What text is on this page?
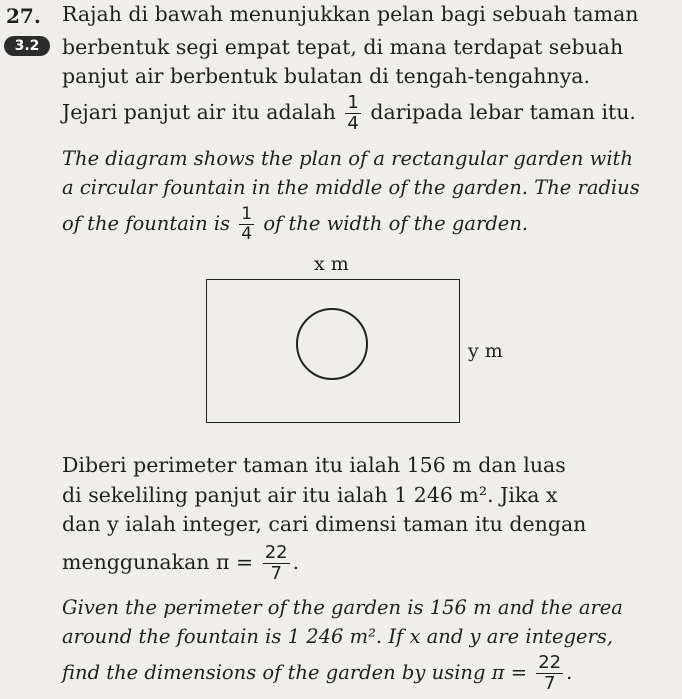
27. Rajah di bawah menunjukkan pelan bagi sebuah taman
3.2	berbentuk segi empat tepat, di mana terdapat sebuah
panjut air berbentuk bulatan di tengah-tengahnya.
Jejari panjut air itu adalah $\frac{1}{4}$ daripada lebar taman itu.
The diagram shows the plan of a rectangular garden with
a circular fountain in the middle of the garden. The radius
of the fountain is $\frac{1}{4}$ of the width of the garden.
x m
y m
Diberi perimeter taman itu ialah 156 m dan luas
di sekeliling panjut air itu ialah 1 246 m². Jika x
dan y ialah integer, cari dimensi taman itu dengan
menggunakan $\pi = \frac{22}{7}$ .
Given the perimeter of the garden is 156 m and the area
around the fountain is 1 246 m². If x and y are integers,
find the dimensions of the garden by using $\pi = \frac{22}{7}$ .
